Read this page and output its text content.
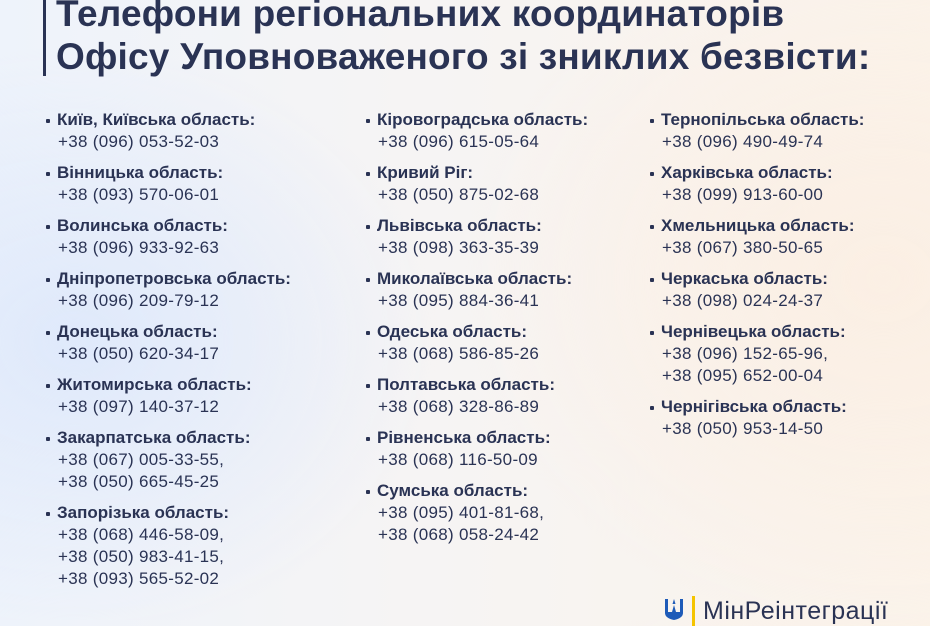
Телефони регіональних координаторів
Офісу Уповноваженого зі зниклих безвісти:
Київ, Київська область:
+38 (096) 053-52-03
Вінницька область:
+38 (093) 570-06-01
Волинська область:
+38 (096) 933-92-63
Дніпропетровська область:
+38 (096) 209-79-12
Донецька область:
+38 (050) 620-34-17
Житомирська область:
+38 (097) 140-37-12
Закарпатська область:
+38 (067) 005-33-55,
+38 (050) 665-45-25
Запорізька область:
+38 (068) 446-58-09,
+38 (050) 983-41-15,
+38 (093) 565-52-02
Кіровоградська область:
+38 (096) 615-05-64
Кривий Ріг:
+38 (050) 875-02-68
Львівська область:
+38 (098) 363-35-39
Миколаївська область:
+38 (095) 884-36-41
Одеська область:
+38 (068) 586-85-26
Полтавська область:
+38 (068) 328-86-89
Рівненська область:
+38 (068) 116-50-09
Сумська область:
+38 (095) 401-81-68,
+38 (068) 058-24-42
Тернопільська область:
+38 (096) 490-49-74
Харківська область:
+38 (099) 913-60-00
Хмельницька область:
+38 (067) 380-50-65
Черкаська область:
+38 (098) 024-24-37
Чернівецька область:
+38 (096) 152-65-96,
+38 (095) 652-00-04
Чернігівська область:
+38 (050) 953-14-50
МінРеінтеграції
